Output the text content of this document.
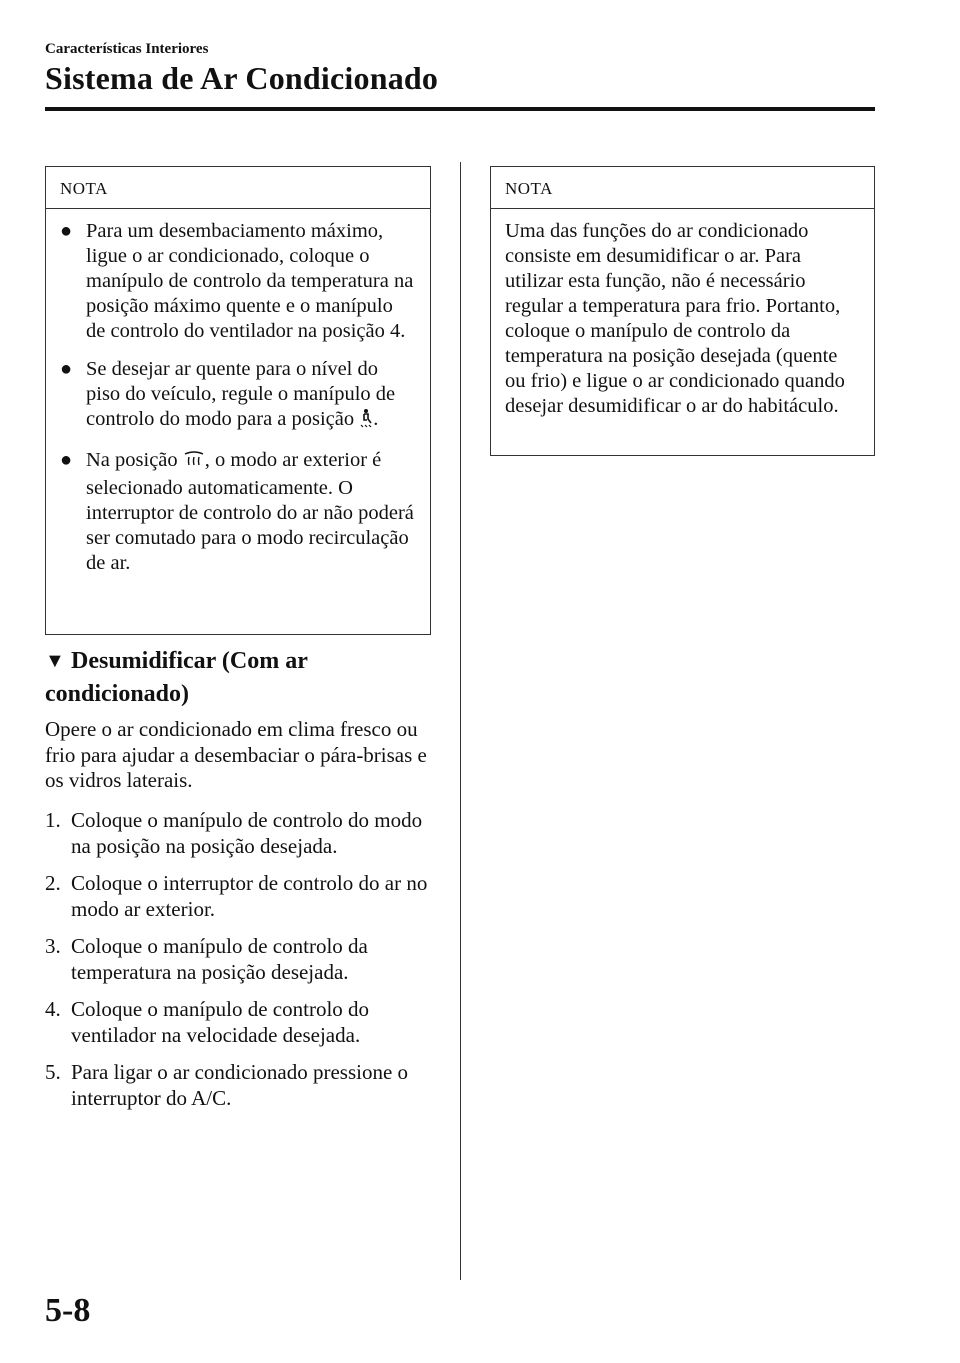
Características Interiores
Sistema de Ar Condicionado
NOTA
● Para um desembaciamento máximo, ligue o ar condicionado, coloque o manípulo de controlo da temperatura na posição máximo quente e o manípulo de controlo do ventilador na posição 4.
● Se desejar ar quente para o nível do piso do veículo, regule o manípulo de controlo do modo para a posição .
● Na posição , o modo ar exterior é selecionado automaticamente. O interruptor de controlo do ar não poderá ser comutado para o modo recirculação de ar.
▼ Desumidificar (Com ar condicionado)
Opere o ar condicionado em clima fresco ou frio para ajudar a desembaciar o pára-brisas e os vidros laterais.
1. Coloque o manípulo de controlo do modo na posição na posição desejada.
2. Coloque o interruptor de controlo do ar no modo ar exterior.
3. Coloque o manípulo de controlo da temperatura na posição desejada.
4. Coloque o manípulo de controlo do ventilador na velocidade desejada.
5. Para ligar o ar condicionado pressione o interruptor do A/C.
NOTA
Uma das funções do ar condicionado consiste em desumidificar o ar. Para utilizar esta função, não é necessário regular a temperatura para frio. Portanto, coloque o manípulo de controlo da temperatura na posição desejada (quente ou frio) e ligue o ar condicionado quando desejar desumidificar o ar do habitáculo.
5-8
